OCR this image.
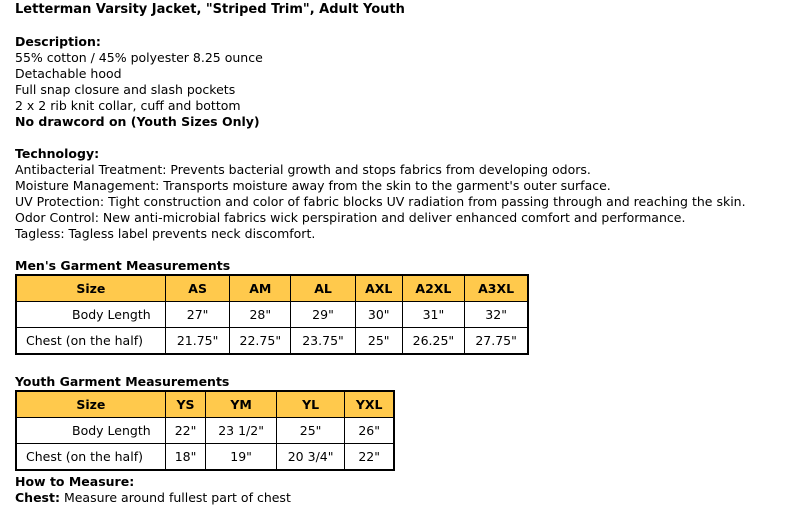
Letterman Varsity Jacket, "Striped Trim", Adult Youth
Description:
55% cotton / 45% polyester 8.25 ounce
Detachable hood
Full snap closure and slash pockets
2 x 2 rib knit collar, cuff and bottom
No drawcord on (Youth Sizes Only)
Technology:
Antibacterial Treatment: Prevents bacterial growth and stops fabrics from developing odors.
Moisture Management: Transports moisture away from the skin to the garment's outer surface.
UV Protection: Tight construction and color of fabric blocks UV radiation from passing through and reaching the skin.
Odor Control: New anti-microbial fabrics wick perspiration and deliver enhanced comfort and performance.
Tagless: Tagless label prevents neck discomfort.
Men's Garment Measurements
Size	AS	AM	AL	AXL	A2XL	A3XL
Body Length	27"	28"	29"	30"	31"	32"
Chest (on the half)	21.75"	22.75"	23.75"	25"	26.25"	27.75"
Youth Garment Measurements
Size	YS	YM	YL	YXL
Body Length	22"	23 1/2"	25"	26"
Chest (on the half)	18"	19"	20 3/4"	22"
How to Measure:
Chest: Measure around fullest part of chest
